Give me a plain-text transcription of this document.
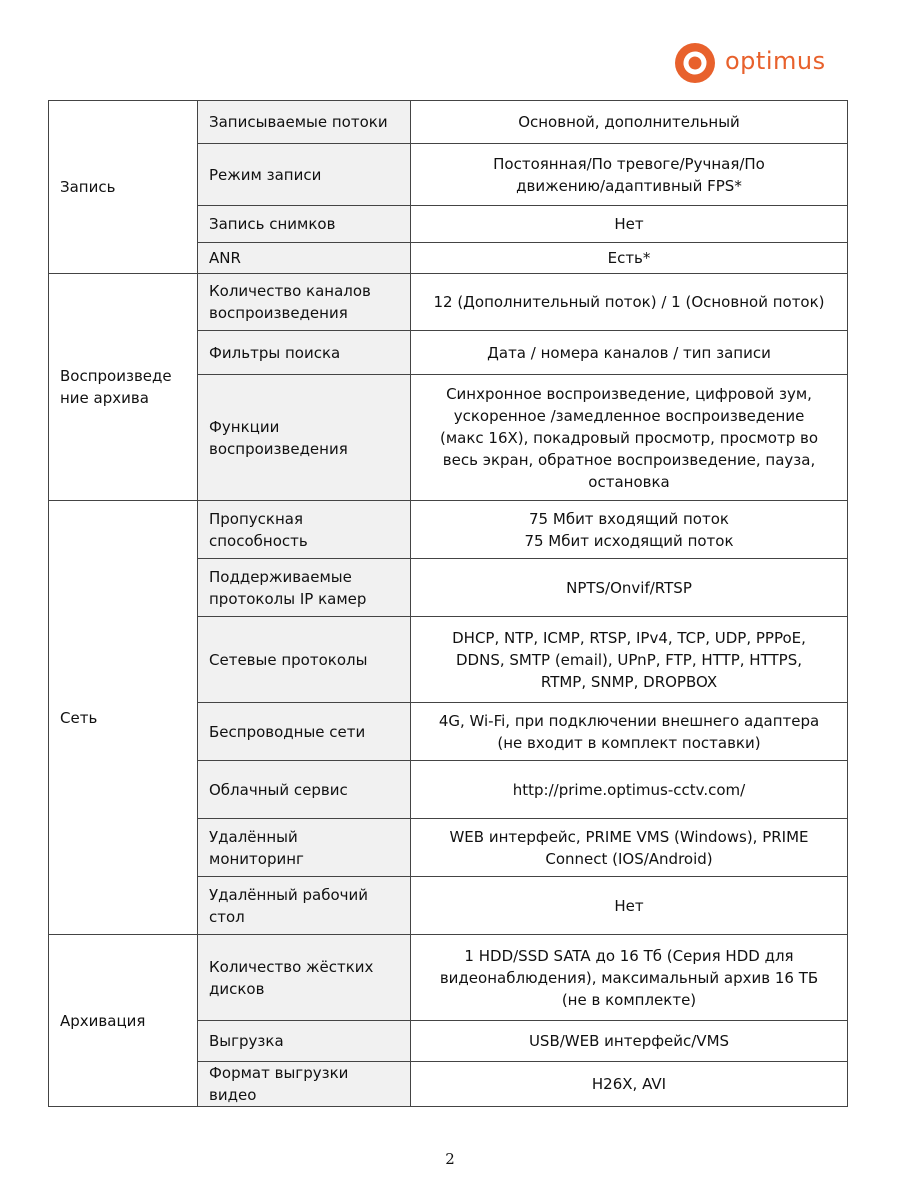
optimus
Запись	Записываемые потоки	Основной, дополнительный
	Режим записи	Постоянная/По тревоге/Ручная/По
движению/адаптивный FPS*
	Запись снимков	Нет
	ANR	Есть*
Воспроизведе
ние архива	Количество каналов
воспроизведения	12 (Дополнительный поток) / 1 (Основной поток)
	Фильтры поиска	Дата / номера каналов / тип записи
	Функции
воспроизведения	Синхронное воспроизведение, цифровой зум,
ускоренное /замедленное воспроизведение
(макс 16X), покадровый просмотр, просмотр во
весь экран, обратное воспроизведение, пауза,
остановка
Сеть	Пропускная
способность	75 Мбит входящий поток
75 Мбит исходящий поток
	Поддерживаемые
протоколы IP камер	NPTS/Onvif/RTSP
	Сетевые протоколы	DHCP, NTP, ICMP, RTSP, IPv4, TCP, UDP, PPPoE,
DDNS, SMTP (email), UPnP, FTP, HTTP, HTTPS,
RTMP, SNMP, DROPBOX
	Беспроводные сети	4G, Wi-Fi, при подключении внешнего адаптера
(не входит в комплект поставки)
	Облачный сервис	http://prime.optimus-cctv.com/
	Удалённый
мониторинг	WEB интерфейс, PRIME VMS (Windows), PRIME
Connect (IOS/Android)
	Удалённый рабочий
стол	Нет
Архивация	Количество жёстких
дисков	1 HDD/SSD SATA до 16 Тб (Серия HDD для
видеонаблюдения), максимальный архив 16 ТБ
(не в комплекте)
	Выгрузка	USB/WEB интерфейс/VMS
	Формат выгрузки
видео	H26X, AVI
2
